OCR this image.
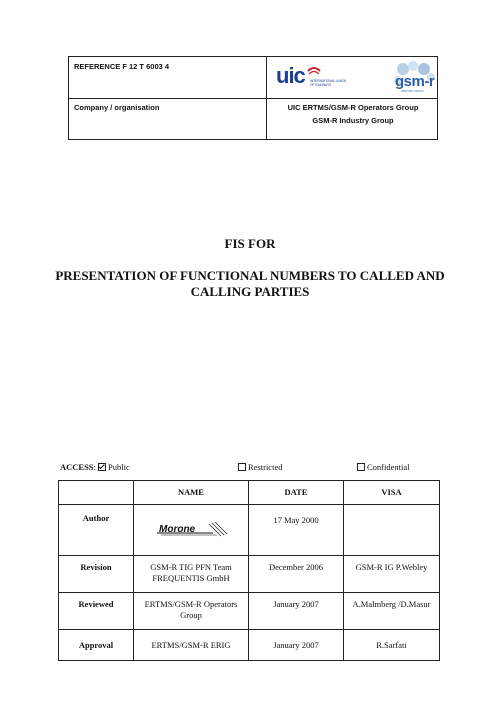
REFERENCE F 12 T 6003 4
Company / organisation	UIC ERTMS/GSM-R Operators Group
GSM-R Industry Group
uic INTERNATIONAL UNION
OF RAILWAYS	gsm-r
INDUSTRY GROUP
FIS FOR
PRESENTATION OF FUNCTIONAL NUMBERS TO CALLED AND CALLING PARTIES
ACCESS: Public	Restricted	Confidential
	NAME	DATE	VISA
Author	Morone	17 May 2000	
Revision	GSM-R TIG PFN Team FREQUENTIS GmbH	December 2006	GSM-R IG P.Webley
Reviewed	ERTMS/GSM-R Operators Group	January 2007	A.Malmberg /D.Masur
Approval	ERTMS/GSM-R ERIG	January 2007	R.Sarfati
